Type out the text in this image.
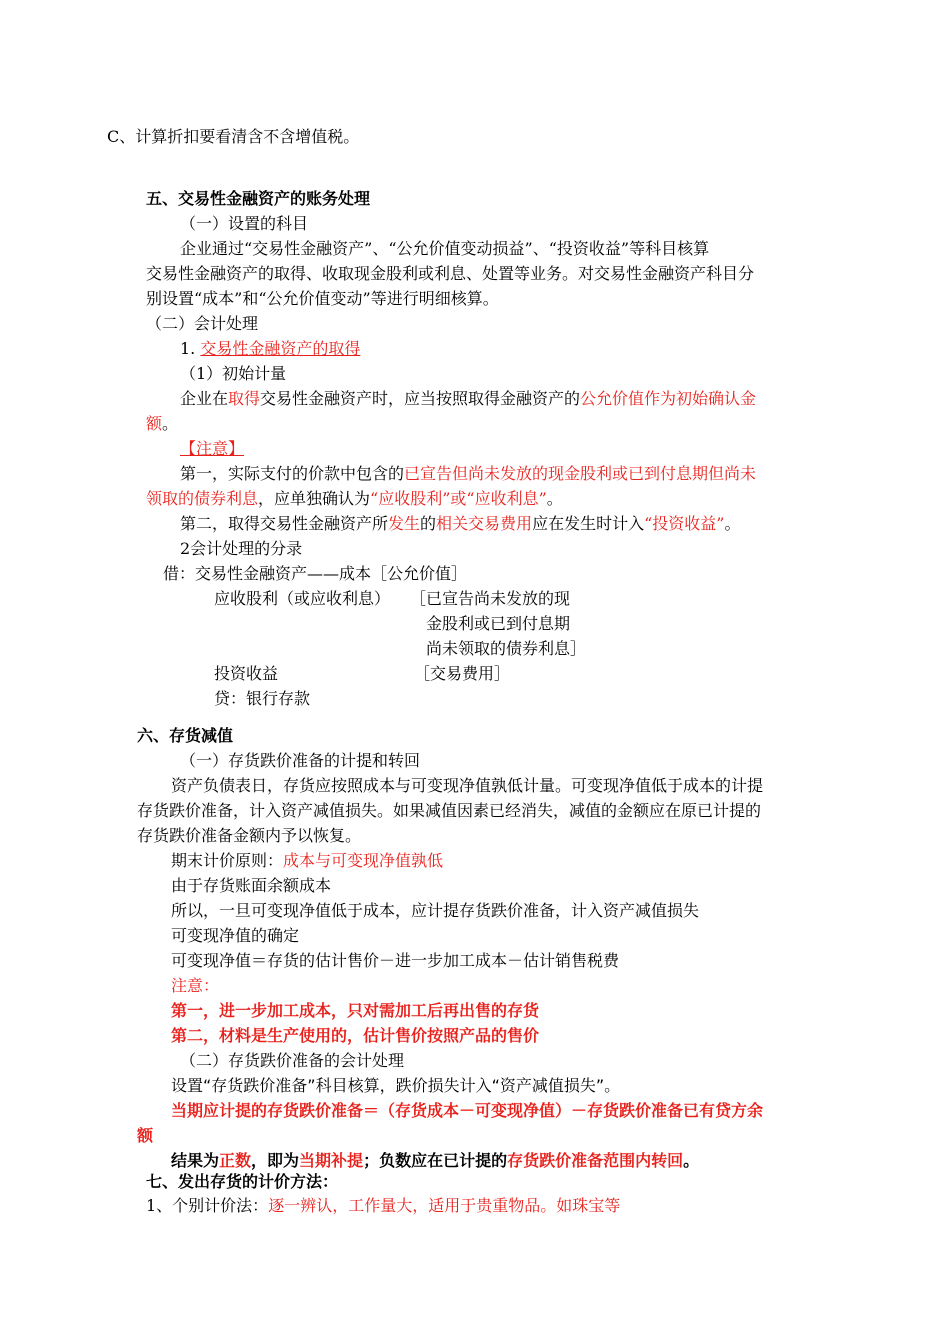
C、计算折扣要看清含不含增值税。
五、交易性金融资产的账务处理
（一）设置的科目
企业通过“交易性金融资产”、“公允价值变动损益”、“投资收益”等科目核算
交易性金融资产的取得、收取现金股利或利息、处置等业务。对交易性金融资产科目分
别设置“成本”和“公允价值变动”等进行明细核算。
（二）会计处理
1. 交易性金融资产的取得
（1）初始计量
企业在取得交易性金融资产时，应当按照取得金融资产的公允价值作为初始确认金
额。
【注意】
第一，实际支付的价款中包含的已宣告但尚未发放的现金股利或已到付息期但尚未
领取的债券利息，应单独确认为“应收股利”或“应收利息”。
第二，取得交易性金融资产所发生的相关交易费用应在发生时计入“投资收益”。
2会计处理的分录
借：交易性金融资产——成本［公允价值］
应收股利（或应收利息） ［已宣告尚未发放的现
金股利或已到付息期
尚未领取的债券利息］
投资收益	［交易费用］
贷：银行存款
六、存货减值
（一）存货跌价准备的计提和转回
资产负债表日，存货应按照成本与可变现净值孰低计量。可变现净值低于成本的计提
存货跌价准备，计入资产减值损失。如果减值因素已经消失，减值的金额应在原已计提的
存货跌价准备金额内予以恢复。
期末计价原则：成本与可变现净值孰低
由于存货账面余额成本
所以，一旦可变现净值低于成本，应计提存货跌价准备，计入资产减值损失
可变现净值的确定
可变现净值＝存货的估计售价－进一步加工成本－估计销售税费
注意：
第一，进一步加工成本，只对需加工后再出售的存货
第二，材料是生产使用的，估计售价按照产品的售价
（二）存货跌价准备的会计处理
设置“存货跌价准备”科目核算，跌价损失计入“资产减值损失”。
当期应计提的存货跌价准备＝（存货成本－可变现净值）－存货跌价准备已有贷方余
额
结果为正数，即为当期补提；负数应在已计提的存货跌价准备范围内转回。
七、发出存货的计价方法：
1、个别计价法：逐一辨认，工作量大，适用于贵重物品。如珠宝等
